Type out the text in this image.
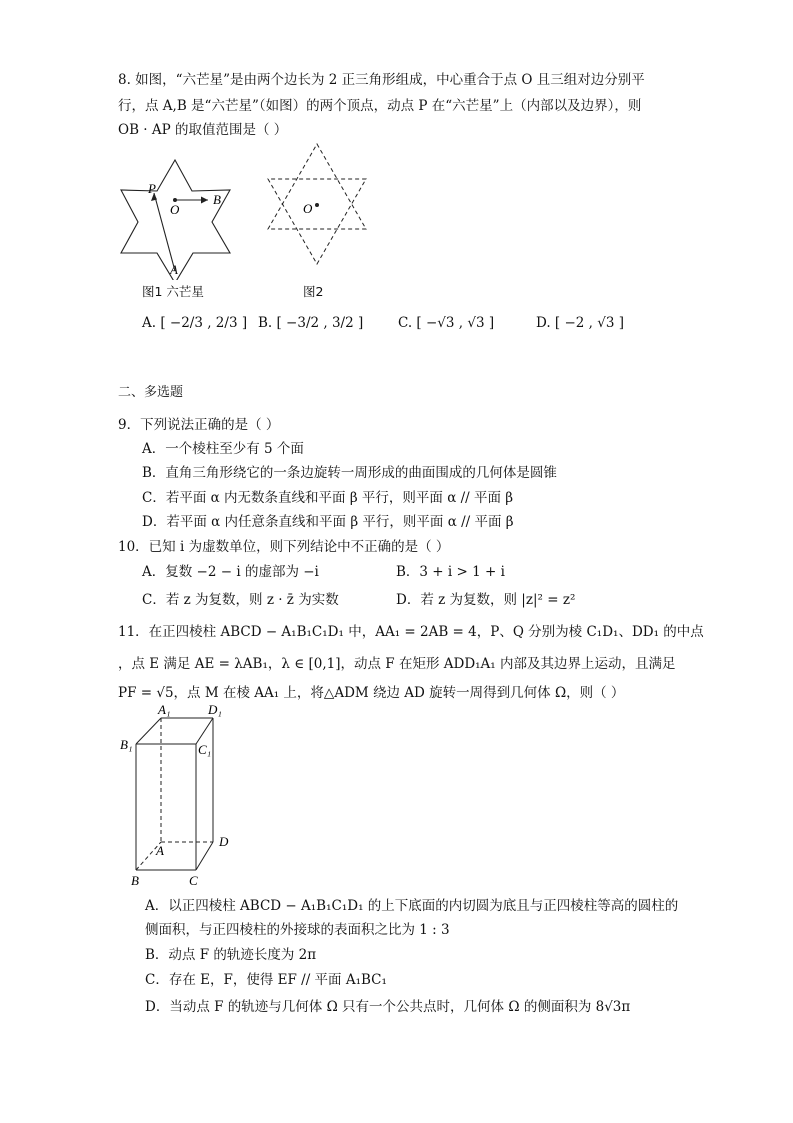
8. 如图，“六芒星”是由两个边长为 2 正三角形组成，中心重合于点 O 且三组对边分别平
行，点 A,B 是“六芒星”（如图）的两个顶点，动点 P 在“六芒星”上（内部以及边界），则
OB · AP 的取值范围是（ ）
P
O
B
A
图1 六芒星
O
图2
A. [ −2/3 , 2/3 ] B. [ −3/2 , 3/2 ]	C. [ −√3 , √3 ]	D. [ −2 , √3 ]
二、多选题
9．下列说法正确的是（ ）
A．一个棱柱至少有 5 个面
B．直角三角形绕它的一条边旋转一周形成的曲面围成的几何体是圆锥
C．若平面 α 内无数条直线和平面 β 平行，则平面 α // 平面 β
D．若平面 α 内任意条直线和平面 β 平行，则平面 α // 平面 β
10．已知 i 为虚数单位，则下列结论中不正确的是（ ）
A．复数 −2 − i 的虚部为 −i	B．3 + i > 1 + i
C．若 z 为复数，则 z · z̄ 为实数	D．若 z 为复数，则 |z|² = z²
11．在正四棱柱 ABCD − A₁B₁C₁D₁ 中，AA₁ = 2AB = 4，P、Q 分别为棱 C₁D₁、DD₁ 的中点
，点 E 满足 AE = λAB₁，λ ∈ [0,1]，动点 F 在矩形 ADD₁A₁ 内部及其边界上运动，且满足
PF = √5，点 M 在棱 AA₁ 上，将△ADM 绕边 AD 旋转一周得到几何体 Ω，则（ ）
A₁	D₁
B₁	C₁
A
D
B	C
A．以正四棱柱 ABCD − A₁B₁C₁D₁ 的上下底面的内切圆为底且与正四棱柱等高的圆柱的
侧面积，与正四棱柱的外接球的表面积之比为 1 : 3
B．动点 F 的轨迹长度为 2π
C．存在 E，F，使得 EF // 平面 A₁BC₁
D．当动点 F 的轨迹与几何体 Ω 只有一个公共点时，几何体 Ω 的侧面积为 8√3π
